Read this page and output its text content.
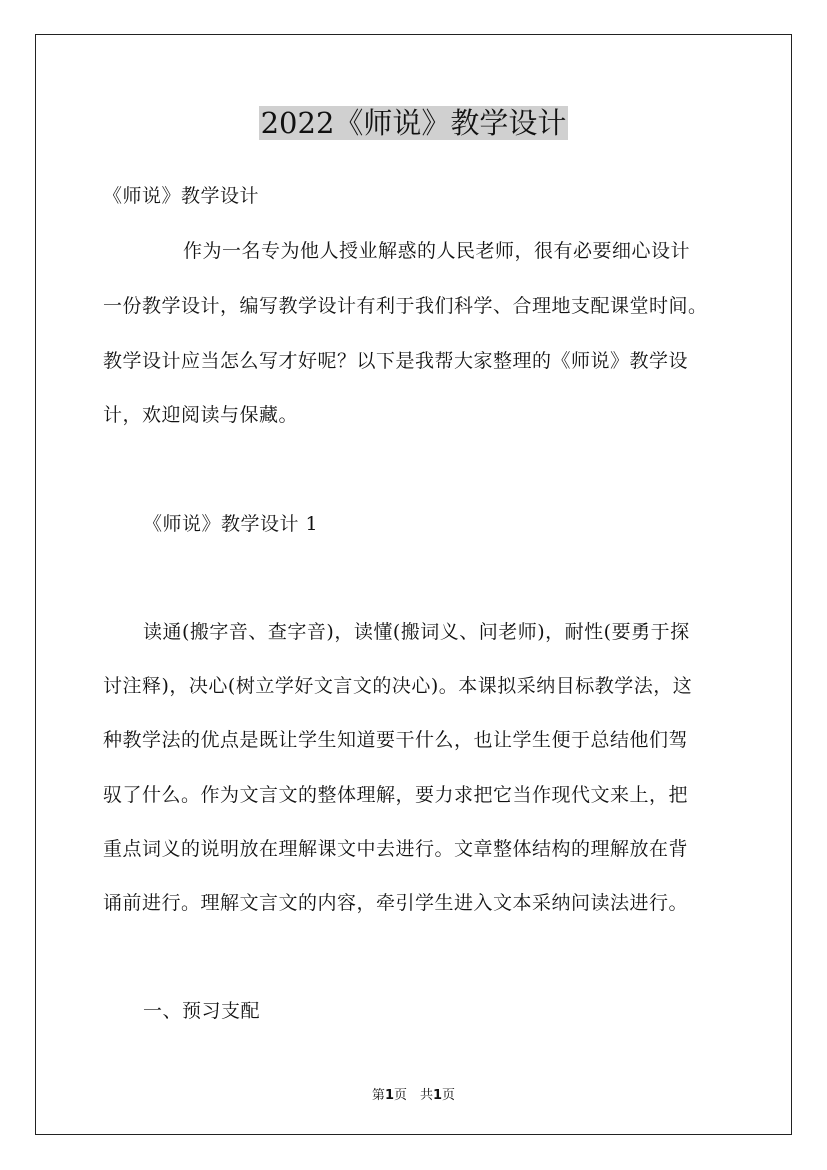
2022《师说》教学设计
《师说》教学设计
作为一名专为他人授业解惑的人民老师，很有必要细心设计
一份教学设计，编写教学设计有利于我们科学、合理地支配课堂时间。
教学设计应当怎么写才好呢？以下是我帮大家整理的《师说》教学设
计，欢迎阅读与保藏。
《师说》教学设计 1
读通(搬字音、查字音)，读懂(搬词义、问老师)，耐性(要勇于探
讨注释)，决心(树立学好文言文的决心)。本课拟采纳目标教学法，这
种教学法的优点是既让学生知道要干什么，也让学生便于总结他们驾
驭了什么。作为文言文的整体理解，要力求把它当作现代文来上，把
重点词义的说明放在理解课文中去进行。文章整体结构的理解放在背
诵前进行。理解文言文的内容，牵引学生进入文本采纳问读法进行。
一、预习支配
第1页　共1页
